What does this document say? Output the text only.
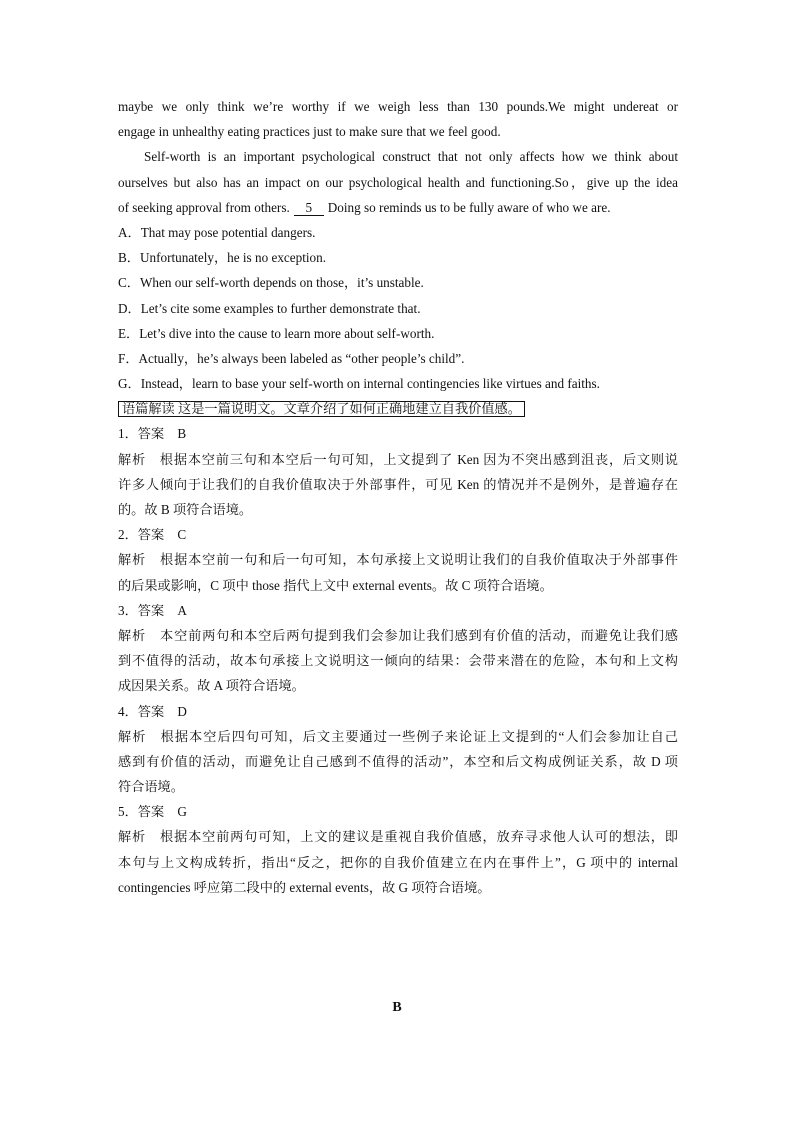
maybe we only think we’re worthy if we weigh less than 130 pounds.We might undereat or
engage in unhealthy eating practices just to make sure that we feel good.
Self-worth is an important psychological construct that not only affects how we think about
ourselves but also has an impact on our psychological health and functioning.So，give up the idea
of seeking approval from others. 5 Doing so reminds us to be fully aware of who we are.
A．That may pose potential dangers.
B．Unfortunately，he is no exception.
C．When our self-worth depends on those，it’s unstable.
D．Let’s cite some examples to further demonstrate that.
E．Let’s dive into the cause to learn more about self-worth.
F．Actually，he’s always been labeled as “other people’s child”.
G．Instead，learn to base your self-worth on internal contingencies like virtues and faiths.
语篇解读 这是一篇说明文。文章介绍了如何正确地建立自我价值感。
1．答案　B
解析　根据本空前三句和本空后一句可知，上文提到了 Ken 因为不突出感到沮丧，后文则说
许多人倾向于让我们的自我价值取决于外部事件，可见 Ken 的情况并不是例外，是普遍存在
的。故 B 项符合语境。
2．答案　C
解析　根据本空前一句和后一句可知，本句承接上文说明让我们的自我价值取决于外部事件
的后果或影响，C 项中 those 指代上文中 external events。故 C 项符合语境。
3．答案　A
解析　本空前两句和本空后两句提到我们会参加让我们感到有价值的活动，而避免让我们感
到不值得的活动，故本句承接上文说明这一倾向的结果：会带来潜在的危险，本句和上文构
成因果关系。故 A 项符合语境。
4．答案　D
解析　根据本空后四句可知，后文主要通过一些例子来论证上文提到的“人们会参加让自己
感到有价值的活动，而避免让自己感到不值得的活动”，本空和后文构成例证关系，故 D 项
符合语境。
5．答案　G
解析　根据本空前两句可知，上文的建议是重视自我价值感，放弃寻求他人认可的想法，即
本句与上文构成转折，指出“反之，把你的自我价值建立在内在事件上”，G 项中的 internal
contingencies 呼应第二段中的 external events，故 G 项符合语境。
B
